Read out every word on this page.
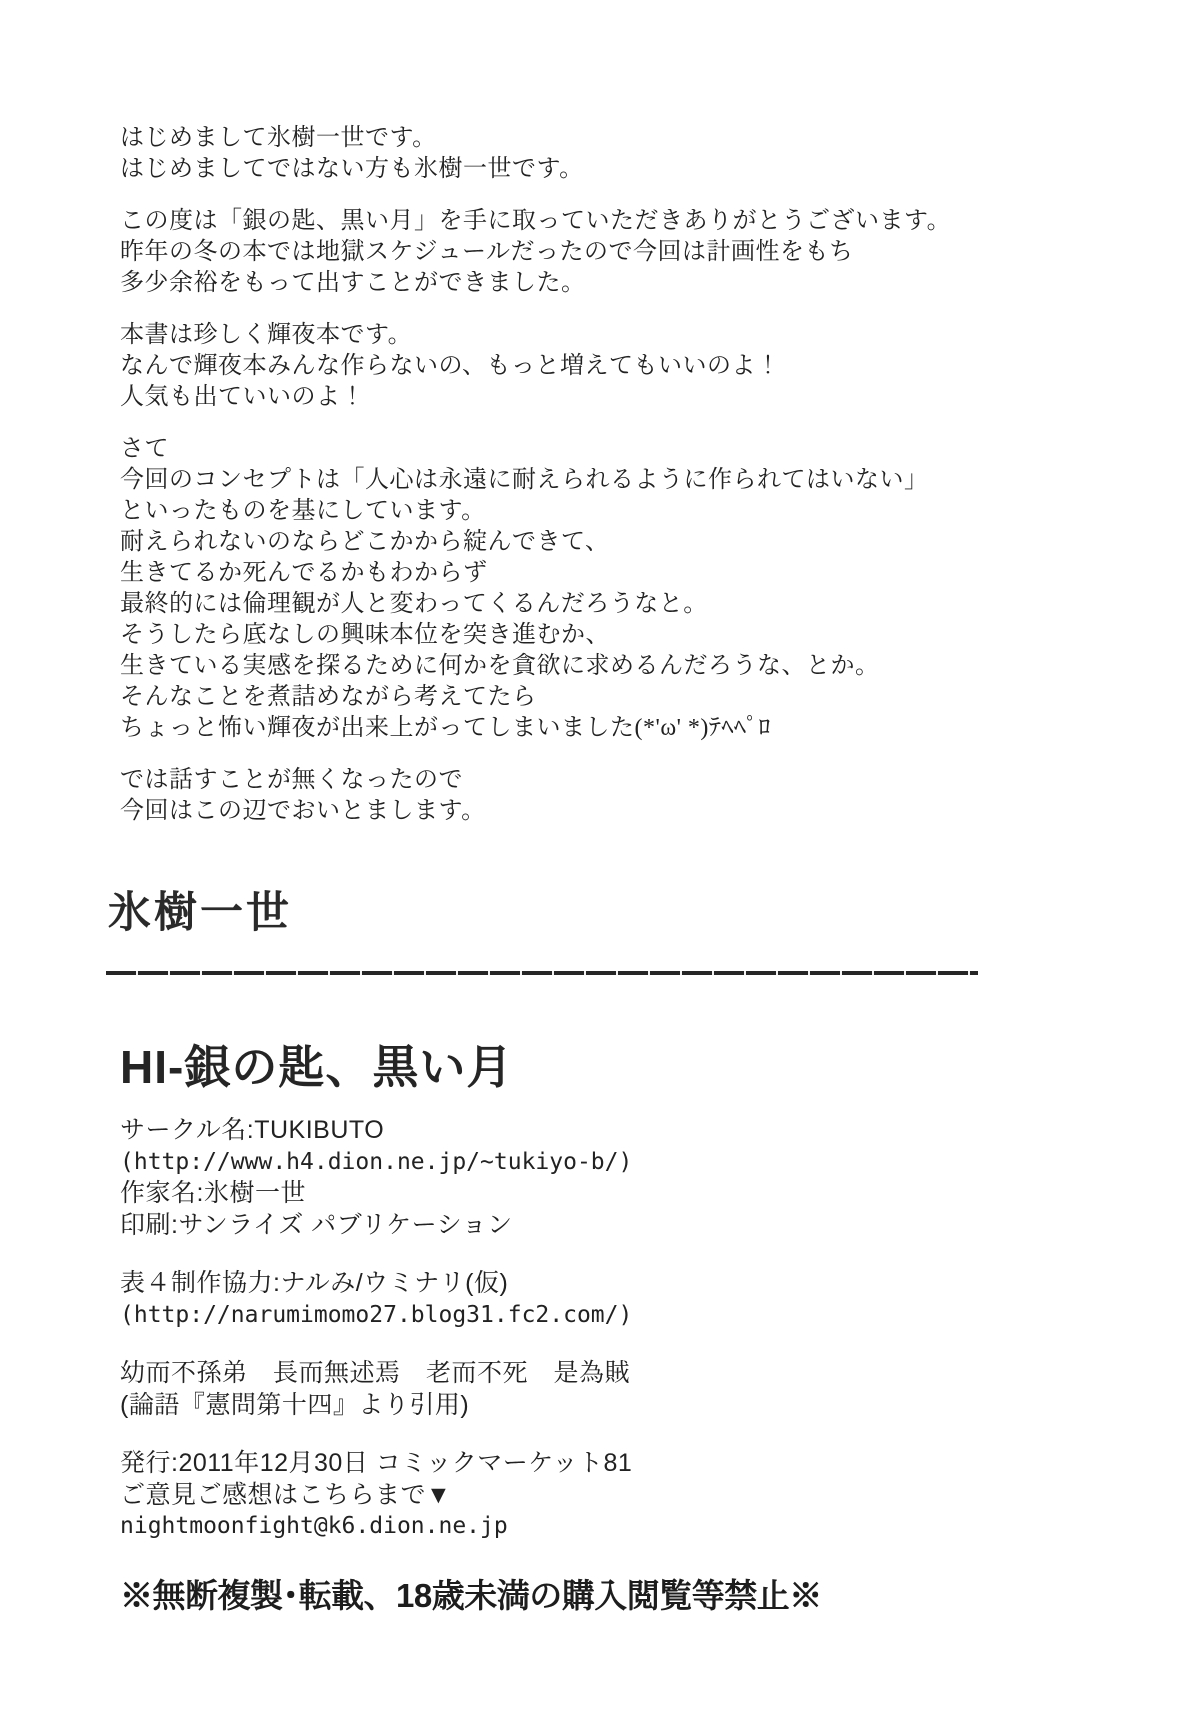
はじめまして氷樹一世です。
はじめましてではない方も氷樹一世です。

この度は「銀の匙、黒い月」を手に取っていただきありがとうございます。
昨年の冬の本では地獄スケジュールだったので今回は計画性をもち
多少余裕をもって出すことができました。

本書は珍しく輝夜本です。
なんで輝夜本みんな作らないの、もっと増えてもいいのよ！
人気も出ていいのよ！

さて
今回のコンセプトは「人心は永遠に耐えられるように作られてはいない」
といったものを基にしています。
耐えられないのならどこかから綻んできて、
生きてるか死んでるかもわからず
最終的には倫理観が人と変わってくるんだろうなと。
そうしたら底なしの興味本位を突き進むか、
生きている実感を探るために何かを貪欲に求めるんだろうな、とか。
そんなことを煮詰めながら考えてたら
ちょっと怖い輝夜が出来上がってしまいました(*'ω' *)ﾃﾍﾍﾟﾛ

では話すことが無くなったので
今回はこの辺でおいとまします。

氷樹一世
HI-銀の匙、黒い月
サークル名:TUKIBUTO
(http://www.h4.dion.ne.jp/~tukiyo-b/)
作家名:氷樹一世
印刷:サンライズ パブリケーション
表４制作協力:ナルみ/ウミナリ(仮)
(http://narumimomo27.blog31.fc2.com/)
幼而不孫弟　長而無述焉　老而不死　是為賊
(論語『憲問第十四』より引用)
発行:2011年12月30日 コミックマーケット81
ご意見ご感想はこちらまで▼
nightmoonfight@k6.dion.ne.jp
※無断複製･転載、18歳未満の購入閲覧等禁止※
